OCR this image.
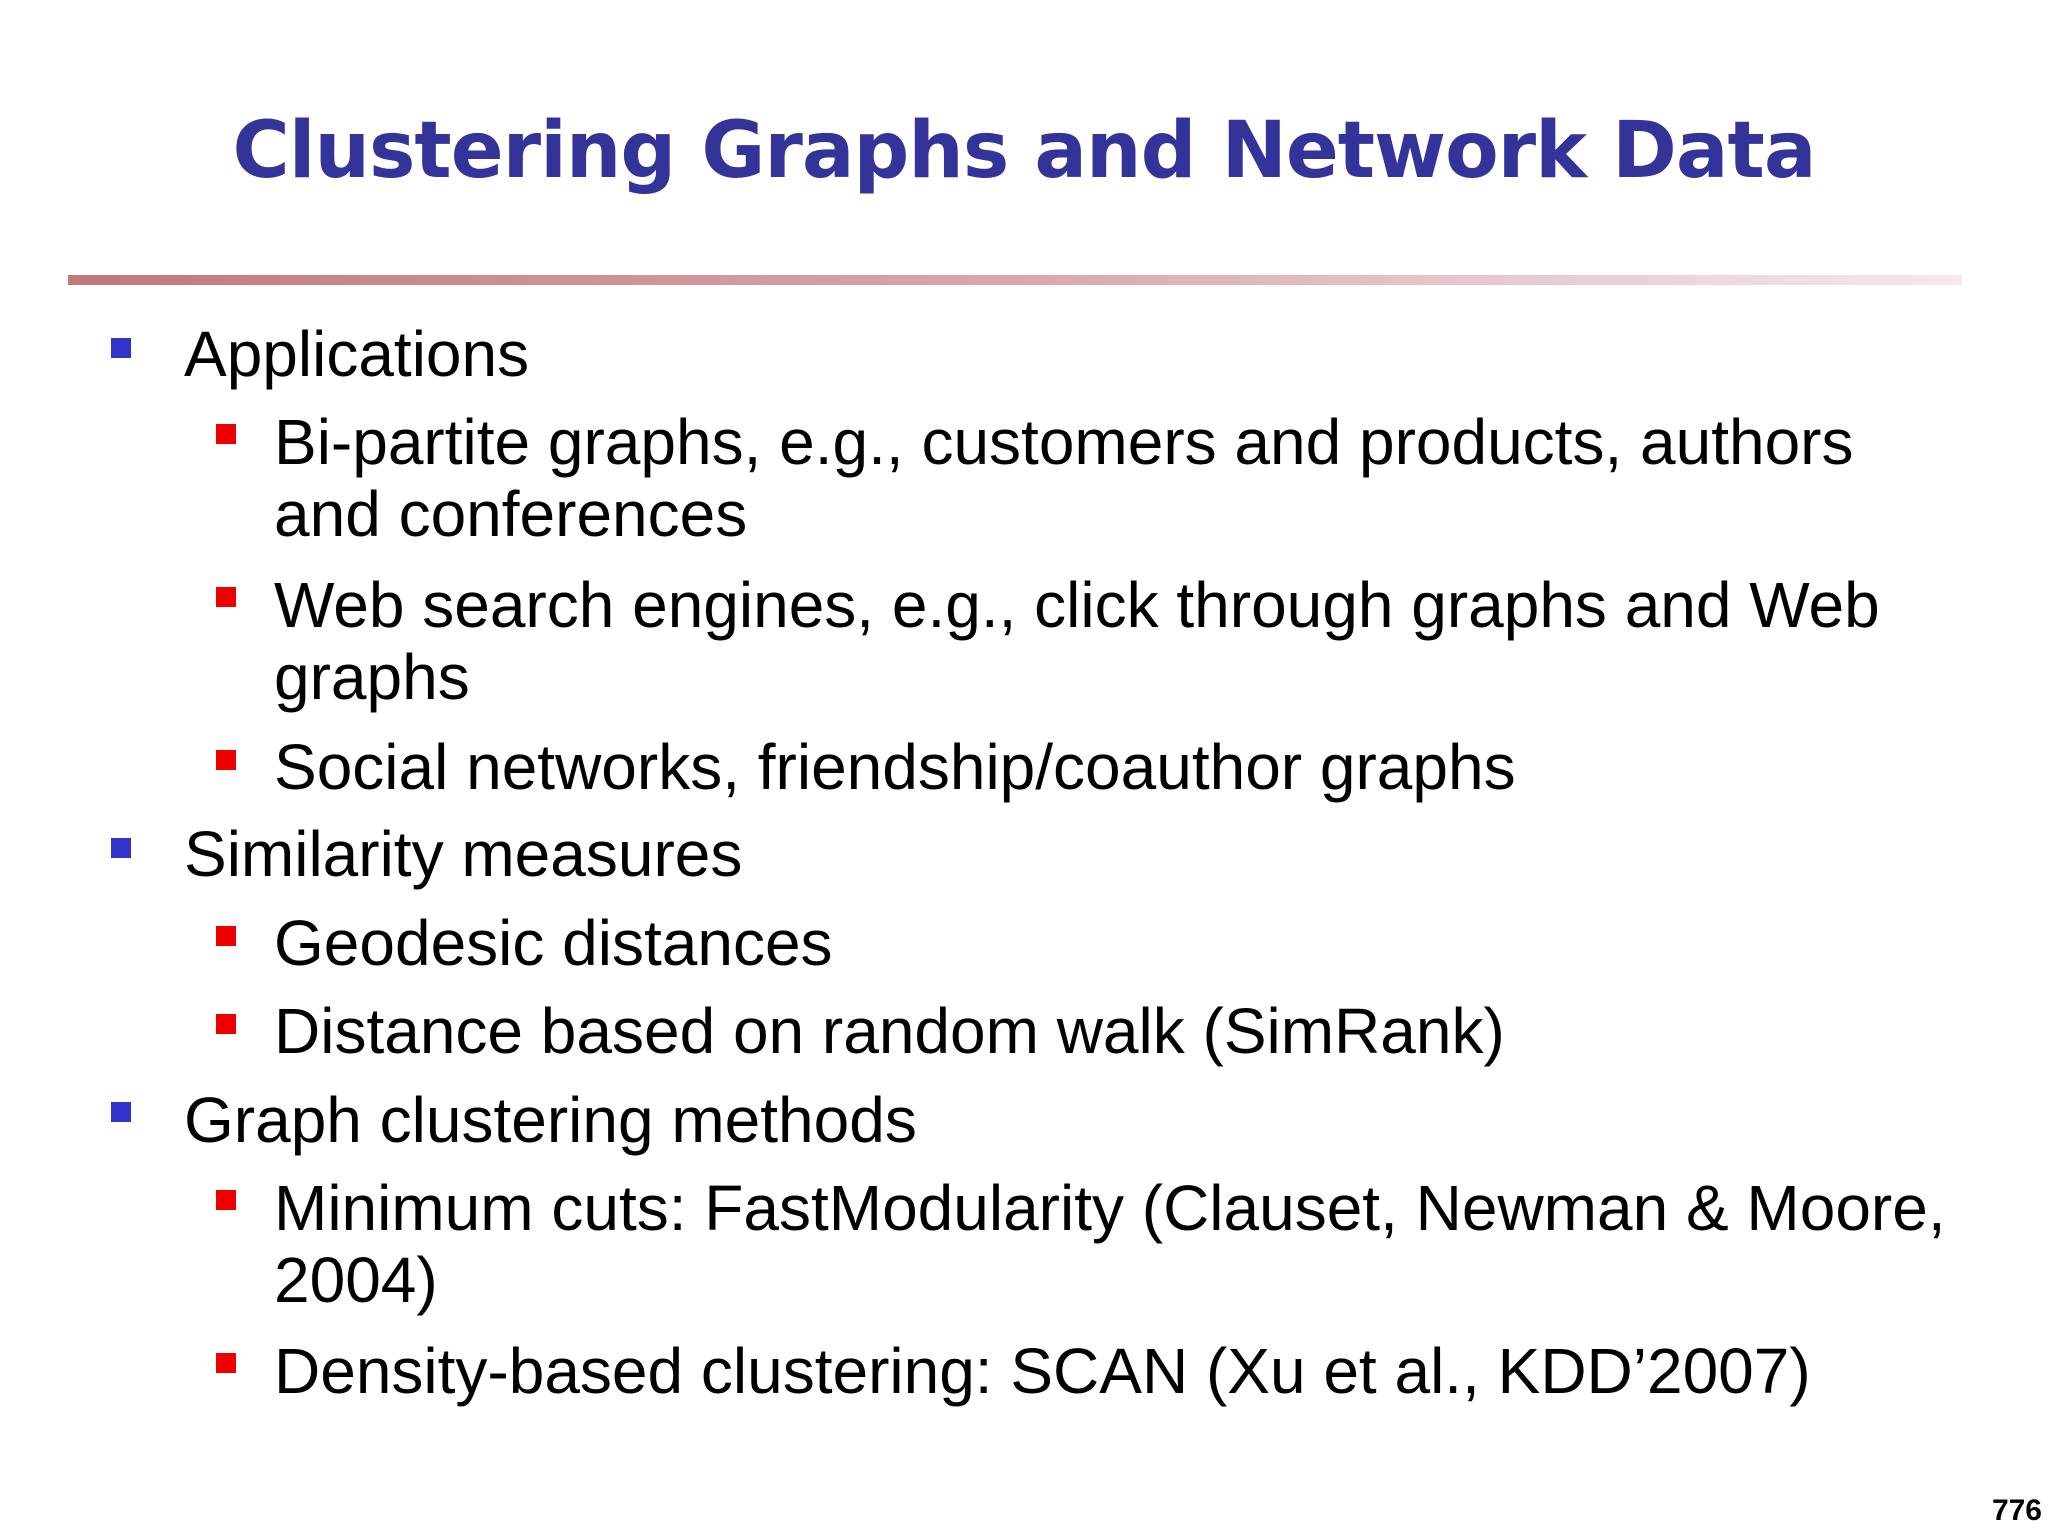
Clustering Graphs and Network Data
Applications
Bi-partite graphs, e.g., customers and products, authors and conferences
Web search engines, e.g., click through graphs and Web graphs
Social networks, friendship/coauthor graphs
Similarity measures
Geodesic distances
Distance based on random walk (SimRank)
Graph clustering methods
Minimum cuts: FastModularity (Clauset, Newman & Moore, 2004)
Density-based clustering: SCAN (Xu et al., KDD’2007)
776
